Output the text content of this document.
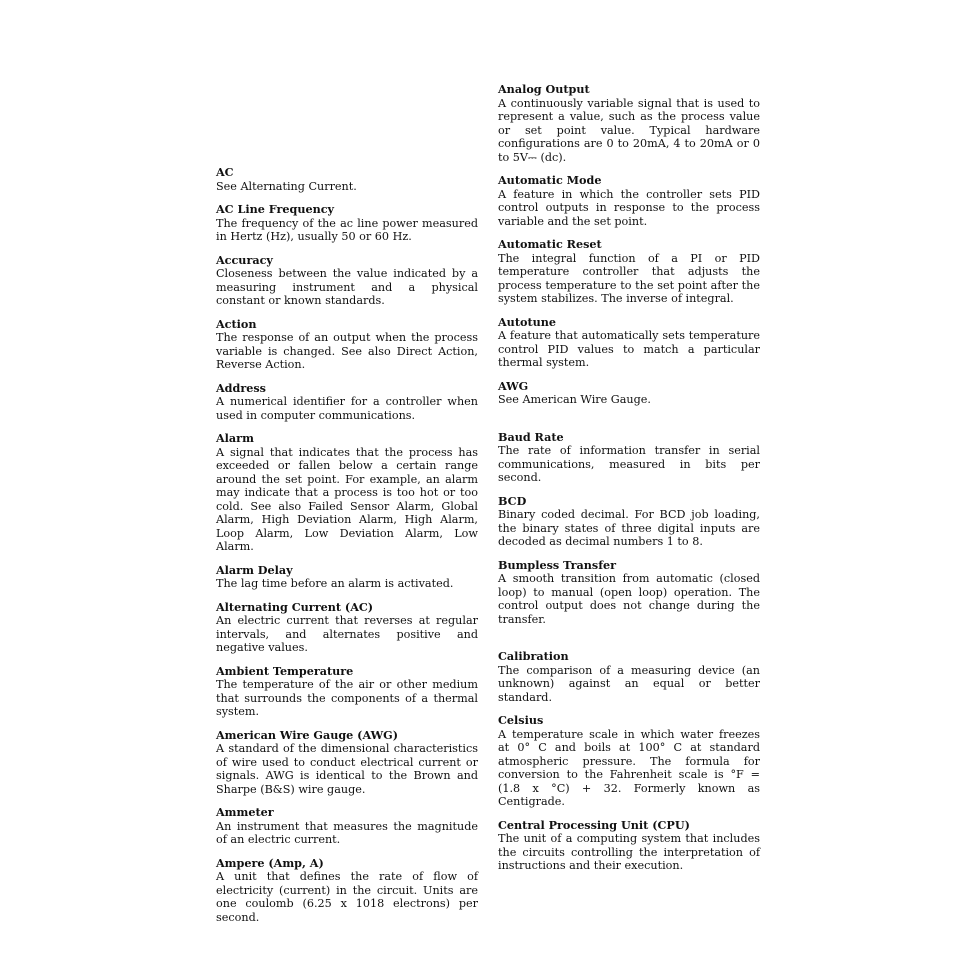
AC

See Alternating Current.

AC Line Frequency

The frequency of the ac line power measured in Hertz (Hz), usually 50 or 60 Hz.

Accuracy

Closeness between the value indicated by a measuring instrument and a physical constant or known standards.

Action

The response of an output when the process variable is changed. See also Direct Action, Reverse Action.

Address

A numerical identifier for a controller when used in computer communications.

Alarm

A signal that indicates that the process has exceeded or fallen below a certain range around the set point. For example, an alarm may indicate that a process is too hot or too cold. See also Failed Sensor Alarm, Global Alarm, High Deviation Alarm, High Alarm, Loop Alarm, Low Deviation Alarm, Low Alarm.

Alarm Delay

The lag time before an alarm is activated.

Alternating Current (AC)

An electric current that reverses at regular intervals, and alternates positive and negative values.

Ambient Temperature

The temperature of the air or other medium that surrounds the components of a thermal system.

American Wire Gauge (AWG)

A standard of the dimensional characteristics of wire used to conduct electrical current or signals. AWG is identical to the Brown and Sharpe (B&S) wire gauge.

Ammeter

An instrument that measures the magnitude of an electric current.

Ampere (Amp, A)

A unit that defines the rate of flow of electricity (current) in the circuit. Units are one coulomb (6.25 x 1018 electrons) per second.

Analog Output

A continuously variable signal that is used to represent a value, such as the process value or set point value. Typical hardware configurations are 0 to 20mA, 4 to 20mA or 0 to 5V⎓ (dc).

Automatic Mode

A feature in which the controller sets PID control outputs in response to the process variable and the set point.

Automatic Reset

The integral function of a PI or PID temperature controller that adjusts the process temperature to the set point after the system stabilizes. The inverse of integral.

Autotune

A feature that automatically sets temperature control PID values to match a particular thermal system.

AWG

See American Wire Gauge.

Baud Rate

The rate of information transfer in serial communications, measured in bits per second.

BCD

Binary coded decimal. For BCD job loading, the binary states of three digital inputs are decoded as decimal numbers 1 to 8.

Bumpless Transfer

A smooth transition from automatic (closed loop) to manual (open loop) operation. The control output does not change during the transfer.

Calibration

The comparison of a measuring device (an unknown) against an equal or better standard.

Celsius

A temperature scale in which water freezes at 0° C and boils at 100° C at standard atmospheric pressure. The formula for conversion to the Fahrenheit scale is °F = (1.8 x °C) + 32. Formerly known as Centigrade.

Central Processing Unit (CPU)

The unit of a computing system that includes the circuits controlling the interpretation of instructions and their execution.
